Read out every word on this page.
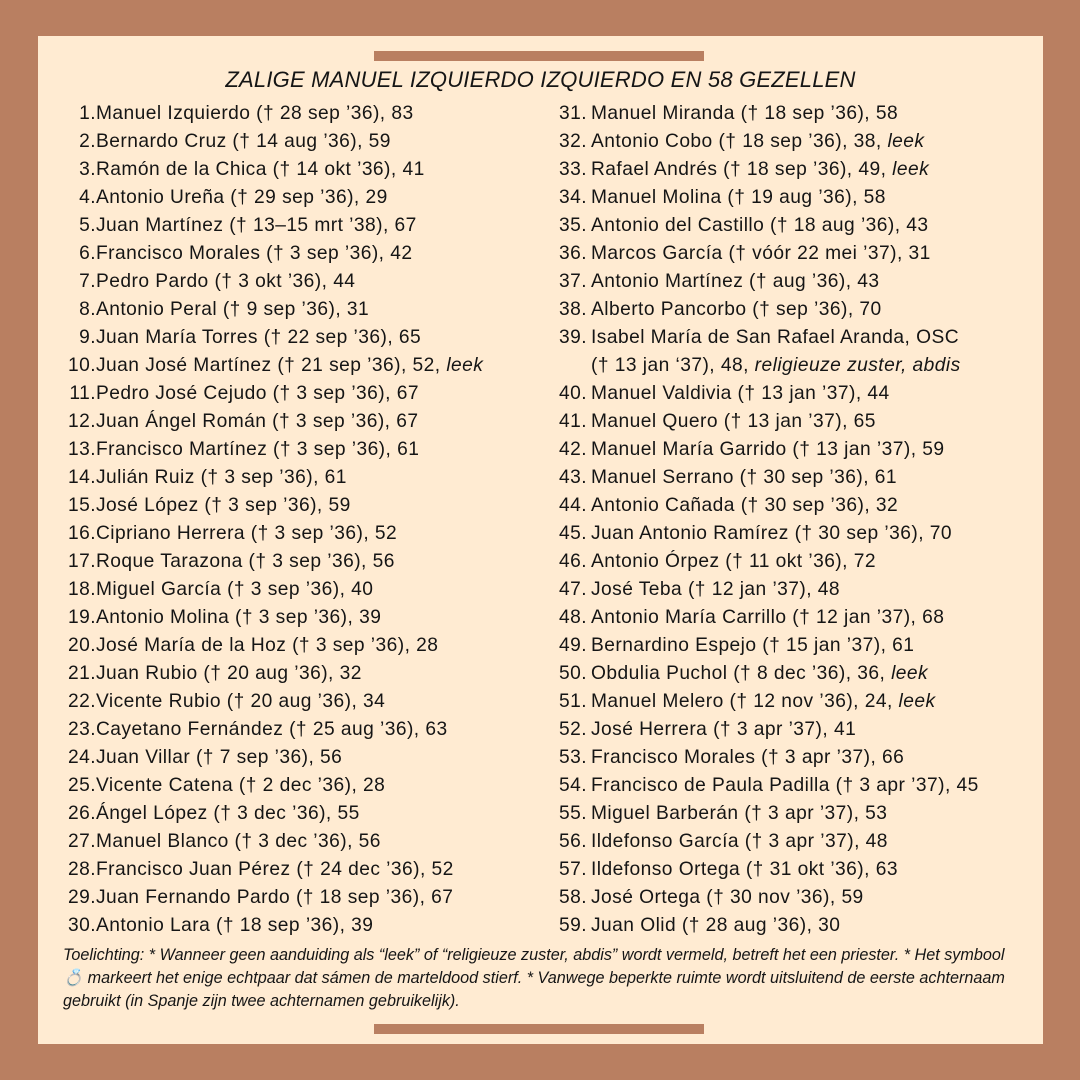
ZALIGE MANUEL IZQUIERDO IZQUIERDO EN 58 GEZELLEN
1. Manuel Izquierdo († 28 sep ’36), 83
2. Bernardo Cruz († 14 aug ’36), 59
3. Ramón de la Chica († 14 okt ’36), 41
4. Antonio Ureña († 29 sep ’36), 29
5. Juan Martínez († 13–15 mrt ’38), 67
6. Francisco Morales († 3 sep ’36), 42
7. Pedro Pardo († 3 okt ’36), 44
8. Antonio Peral († 9 sep ’36), 31
9. Juan María Torres († 22 sep ’36), 65
10. Juan José Martínez († 21 sep ’36), 52, leek
11. Pedro José Cejudo († 3 sep ’36), 67
12. Juan Ángel Román († 3 sep ’36), 67
13. Francisco Martínez († 3 sep ’36), 61
14. Julián Ruiz († 3 sep ’36), 61
15. José López († 3 sep ’36), 59
16. Cipriano Herrera († 3 sep ’36), 52
17. Roque Tarazona († 3 sep ’36), 56
18. Miguel García († 3 sep ’36), 40
19. Antonio Molina († 3 sep ’36), 39
20. José María de la Hoz († 3 sep ’36), 28
21. Juan Rubio († 20 aug ’36), 32
22. Vicente Rubio († 20 aug ’36), 34
23. Cayetano Fernández († 25 aug ’36), 63
24. Juan Villar († 7 sep ’36), 56
25. Vicente Catena († 2 dec ’36), 28
26. Ángel López († 3 dec ’36), 55
27. Manuel Blanco († 3 dec ’36), 56
28. Francisco Juan Pérez († 24 dec ’36), 52
29. Juan Fernando Pardo († 18 sep ’36), 67
30. Antonio Lara († 18 sep ’36), 39
31. Manuel Miranda († 18 sep ’36), 58
32. Antonio Cobo († 18 sep ’36), 38, leek
33. Rafael Andrés († 18 sep ’36), 49, leek
34. Manuel Molina († 19 aug ’36), 58
35. Antonio del Castillo († 18 aug ’36), 43
36. Marcos García († vóór 22 mei ’37), 31
37. Antonio Martínez († aug ’36), 43
38. Alberto Pancorbo († sep ’36), 70
39. Isabel María de San Rafael Aranda, OSC
(† 13 jan ‘37), 48, religieuze zuster, abdis
40. Manuel Valdivia († 13 jan ’37), 44
41. Manuel Quero († 13 jan ’37), 65
42. Manuel María Garrido († 13 jan ’37), 59
43. Manuel Serrano († 30 sep ’36), 61
44. Antonio Cañada († 30 sep ’36), 32
45. Juan Antonio Ramírez († 30 sep ’36), 70
46. Antonio Órpez († 11 okt ’36), 72
47. José Teba († 12 jan ’37), 48
48. Antonio María Carrillo († 12 jan ’37), 68
49. Bernardino Espejo († 15 jan ’37), 61
50. Obdulia Puchol († 8 dec ’36), 36, leek
51. Manuel Melero († 12 nov ’36), 24, leek
52. José Herrera († 3 apr ’37), 41
53. Francisco Morales († 3 apr ’37), 66
54. Francisco de Paula Padilla († 3 apr ’37), 45
55. Miguel Barberán († 3 apr ’37), 53
56. Ildefonso García († 3 apr ’37), 48
57. Ildefonso Ortega († 31 okt ’36), 63
58. José Ortega († 30 nov ’36), 59
59. Juan Olid († 28 aug ’36), 30
Toelichting: * Wanneer geen aanduiding als “leek” of “religieuze zuster, abdis” wordt vermeld, betreft het een priester. * Het symbool 💍 markeert het enige echtpaar dat sámen de marteldood stierf. * Vanwege beperkte ruimte wordt uitsluitend de eerste achternaam gebruikt (in Spanje zijn twee achternamen gebruikelijk).
